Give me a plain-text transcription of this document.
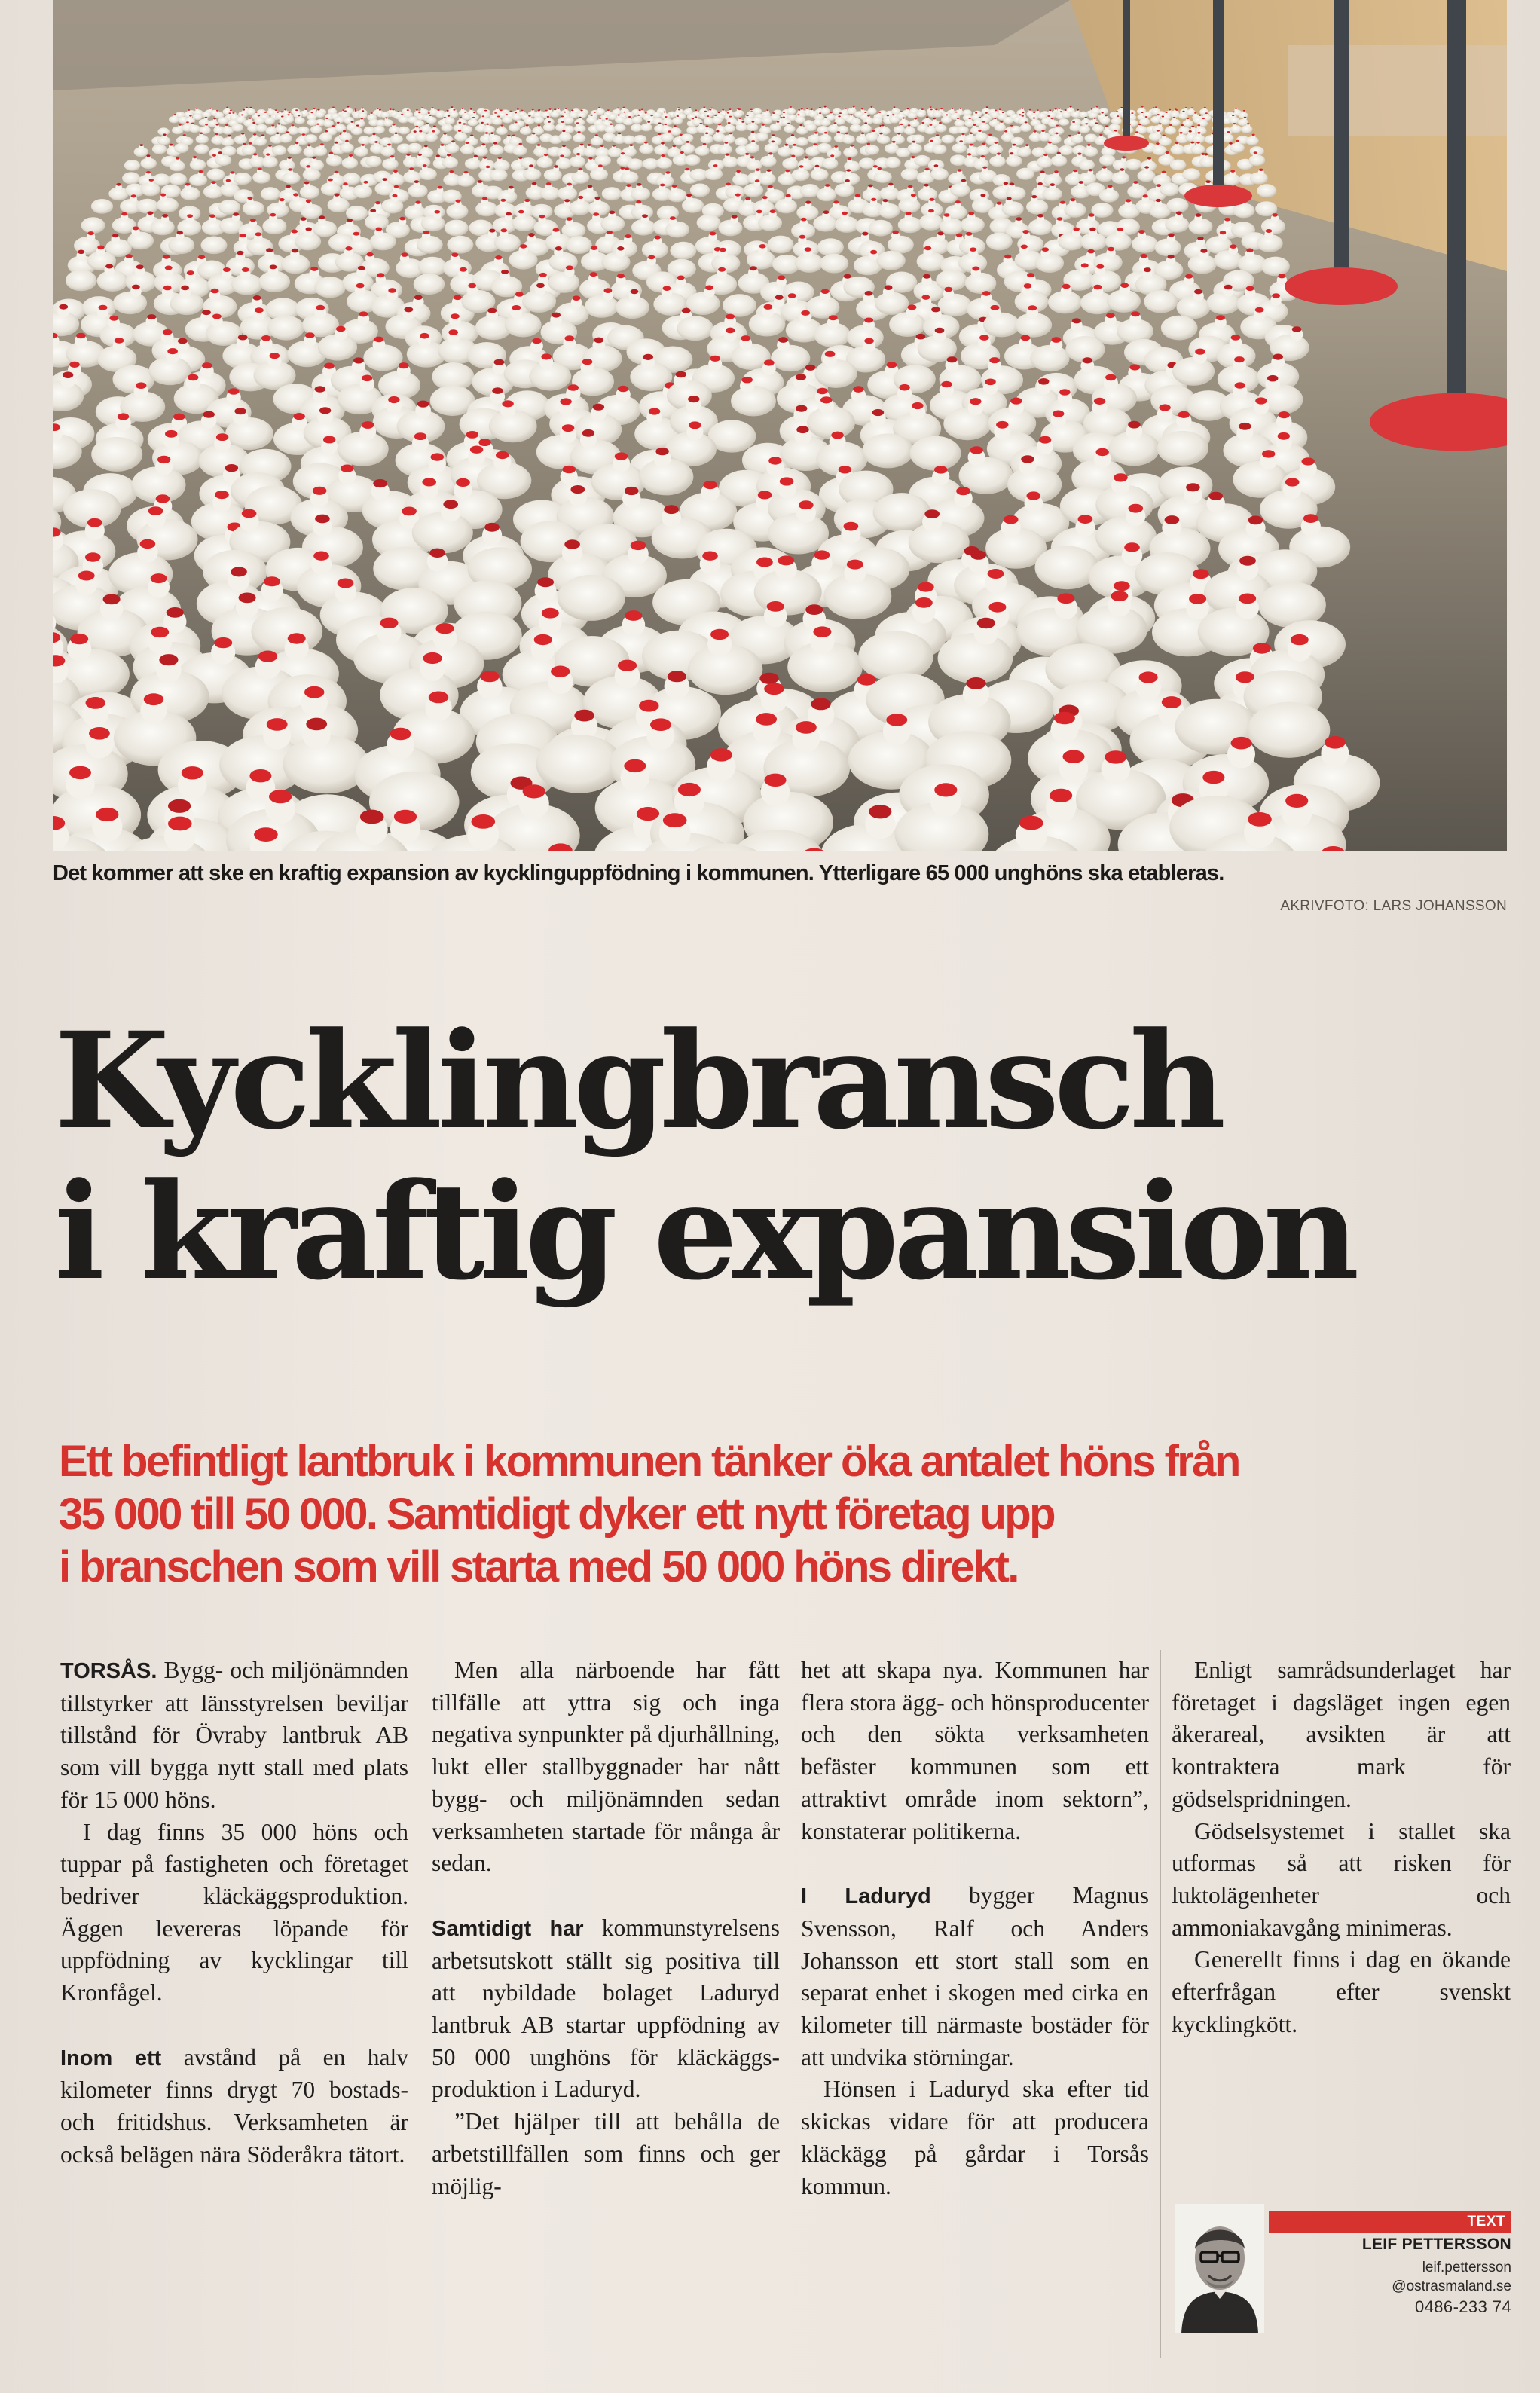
Det kommer att ske en kraftig expansion av kycklinguppfödning i kommunen. Ytterligare 65 000 unghöns ska etableras.
AKRIVFOTO: LARS JOHANSSON
Kycklingbransch
i kraftig expansion
Ett befintligt lantbruk i kommunen tänker öka antalet höns från
35 000 till 50 000. Samtidigt dyker ett nytt företag upp
i branschen som vill starta med 50 000 höns direkt.

TORSÅS. Bygg- och miljönämnden tillstyrker att länsstyrelsen beviljar tillstånd för Övraby lantbruk AB som vill bygga nytt stall med plats för 15 000 höns.

I dag finns 35 000 höns och tuppar på fastigheten och företaget bedriver kläckäggsproduktion. Äggen levereras löpande för uppfödning av kycklingar till Kronfågel.

Inom ett avstånd på en halv kilometer finns drygt 70 bostads- och fritidshus. Verksamheten är också belägen nära Söderåkra tätort.

Men alla närboende har fått tillfälle att yttra sig och inga negativa synpunkter på djurhållning, lukt eller stallbyggnader har nått bygg- och miljönämnden sedan verksamheten startade för många år sedan.

Samtidigt har kommunstyrelsens arbetsutskott ställt sig positiva till att nybildade bolaget Laduryd lantbruk AB startar uppfödning av 50 000 unghöns för kläckäggsproduktion i Laduryd.

”Det hjälper till att behålla de arbetstillfällen som finns och ger möjlig-

het att skapa nya. Kommunen har flera stora ägg- och hönsproducenter och den sökta verksamheten befäster kommunen som ett attraktivt område inom sektorn”, konstaterar politikerna.

I Laduryd bygger Magnus Svensson, Ralf och Anders Johansson ett stort stall som en separat enhet i skogen med cirka en kilometer till närmaste bostäder för att undvika störningar.

Hönsen i Laduryd ska efter tid skickas vidare för att producera kläckägg på gårdar i Torsås kommun.

Enligt samrådsunderlaget har företaget i dagsläget ingen egen åkerareal, avsikten är att kontraktera mark för gödselspridningen.

Gödselsystemet i stallet ska utformas så att risken för luktolägenheter och ammoniakavgång minimeras.

Generellt finns i dag en ökande efterfrågan efter svenskt kycklingkött.

TEXT
LEIF PETTERSSON
leif.pettersson
@ostrasmaland.se
0486-233 74
